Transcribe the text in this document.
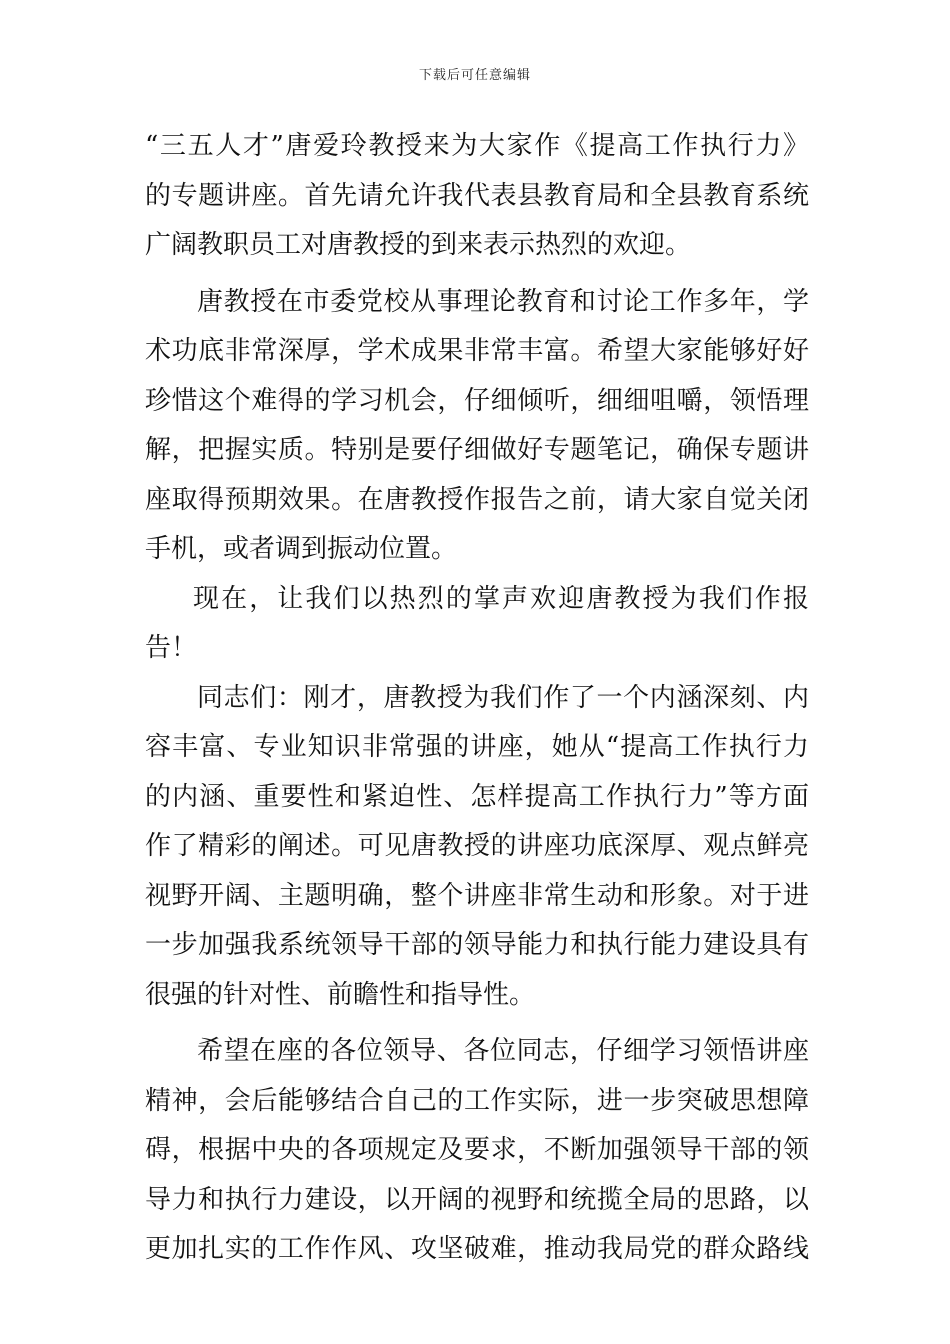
下载后可任意编辑

“三五人才”唐爱玲教授来为大家作《提高工作执行力》

的专题讲座。首先请允许我代表县教育局和全县教育系统

广阔教职员工对唐教授的到来表示热烈的欢迎。

唐教授在市委党校从事理论教育和讨论工作多年，学

术功底非常深厚，学术成果非常丰富。希望大家能够好好

珍惜这个难得的学习机会，仔细倾听，细细咀嚼，领悟理

解，把握实质。特别是要仔细做好专题笔记，确保专题讲

座取得预期效果。在唐教授作报告之前，请大家自觉关闭

手机，或者调到振动位置。

现在，让我们以热烈的掌声欢迎唐教授为我们作报告！

同志们：刚才，唐教授为我们作了一个内涵深刻、内

容丰富、专业知识非常强的讲座，她从“提高工作执行力

的内涵、重要性和紧迫性、怎样提高工作执行力”等方面

作了精彩的阐述。可见唐教授的讲座功底深厚、观点鲜亮

视野开阔、主题明确，整个讲座非常生动和形象。对于进

一步加强我系统领导干部的领导能力和执行能力建设具有

很强的针对性、前瞻性和指导性。

希望在座的各位领导、各位同志，仔细学习领悟讲座

精神，会后能够结合自己的工作实际，进一步突破思想障

碍，根据中央的各项规定及要求，不断加强领导干部的领

导力和执行力建设，以开阔的视野和统揽全局的思路，以

更加扎实的工作作风、攻坚破难，推动我局党的群众路线
